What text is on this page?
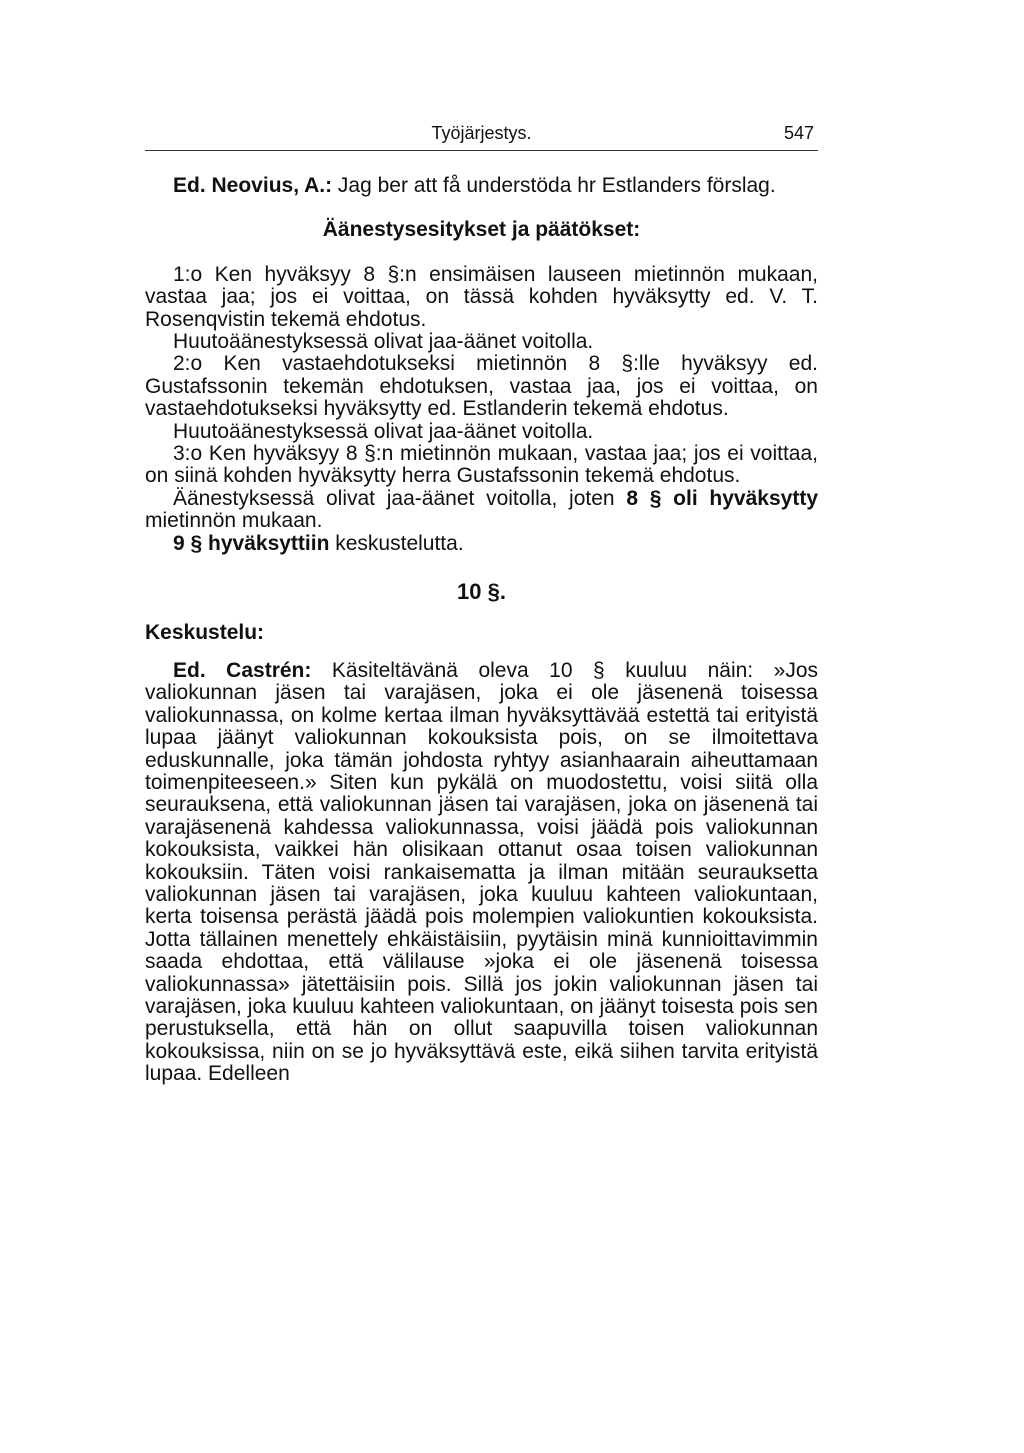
Työjärjestys.	547

Ed. Neovius, A.: Jag ber att få understöda hr Estlanders förslag.

Äänestysesitykset ja päätökset:

1:o Ken hyväksyy 8 §:n ensimäisen lauseen mietinnön mukaan, vastaa jaa; jos ei voittaa, on tässä kohden hyväksytty ed. V. T. Rosenqvistin tekemä ehdotus.

Huutoäänestyksessä olivat jaa-äänet voitolla.

2:o Ken vastaehdotukseksi mietinnön 8 §:lle hyväksyy ed. Gustafssonin tekemän ehdotuksen, vastaa jaa, jos ei voittaa, on vastaehdotukseksi hyväksytty ed. Estlanderin tekemä ehdotus.

Huutoäänestyksessä olivat jaa-äänet voitolla.

3:o Ken hyväksyy 8 §:n mietinnön mukaan, vastaa jaa; jos ei voittaa, on siinä kohden hyväksytty herra Gustafssonin tekemä ehdotus.

Äänestyksessä olivat jaa-äänet voitolla, joten 8 § oli hyväksytty mietinnön mukaan.

9 § hyväksyttiin keskustelutta.

10 §.

Keskustelu:

Ed. Castrén: Käsiteltävänä oleva 10 § kuuluu näin: »Jos valiokunnan jäsen tai varajäsen, joka ei ole jäsenenä toisessa valiokunnassa, on kolme kertaa ilman hyväksyttävää estettä tai erityistä lupaa jäänyt valiokunnan kokouksista pois, on se ilmoitettava eduskunnalle, joka tämän johdosta ryhtyy asianhaarain aiheuttamaan toimenpiteeseen.» Siten kun pykälä on muodostettu, voisi siitä olla seurauksena, että valiokunnan jäsen tai varajäsen, joka on jäsenenä tai varajäsenenä kahdessa valiokunnassa, voisi jäädä pois valiokunnan kokouksista, vaikkei hän olisikaan ottanut osaa toisen valiokunnan kokouksiin. Täten voisi rankaisematta ja ilman mitään seurauksetta valiokunnan jäsen tai varajäsen, joka kuuluu kahteen valiokuntaan, kerta toisensa perästä jäädä pois molempien valiokuntien kokouksista. Jotta tällainen menettely ehkäistäisiin, pyytäisin minä kunnioittavimmin saada ehdottaa, että välilause »joka ei ole jäsenenä toisessa valiokunnassa» jätettäisiin pois. Sillä jos jokin valiokunnan jäsen tai varajäsen, joka kuuluu kahteen valiokuntaan, on jäänyt toisesta pois sen perustuksella, että hän on ollut saapuvilla toisen valiokunnan kokouksissa, niin on se jo hyväksyttävä este, eikä siihen tarvita erityistä lupaa. Edelleen
